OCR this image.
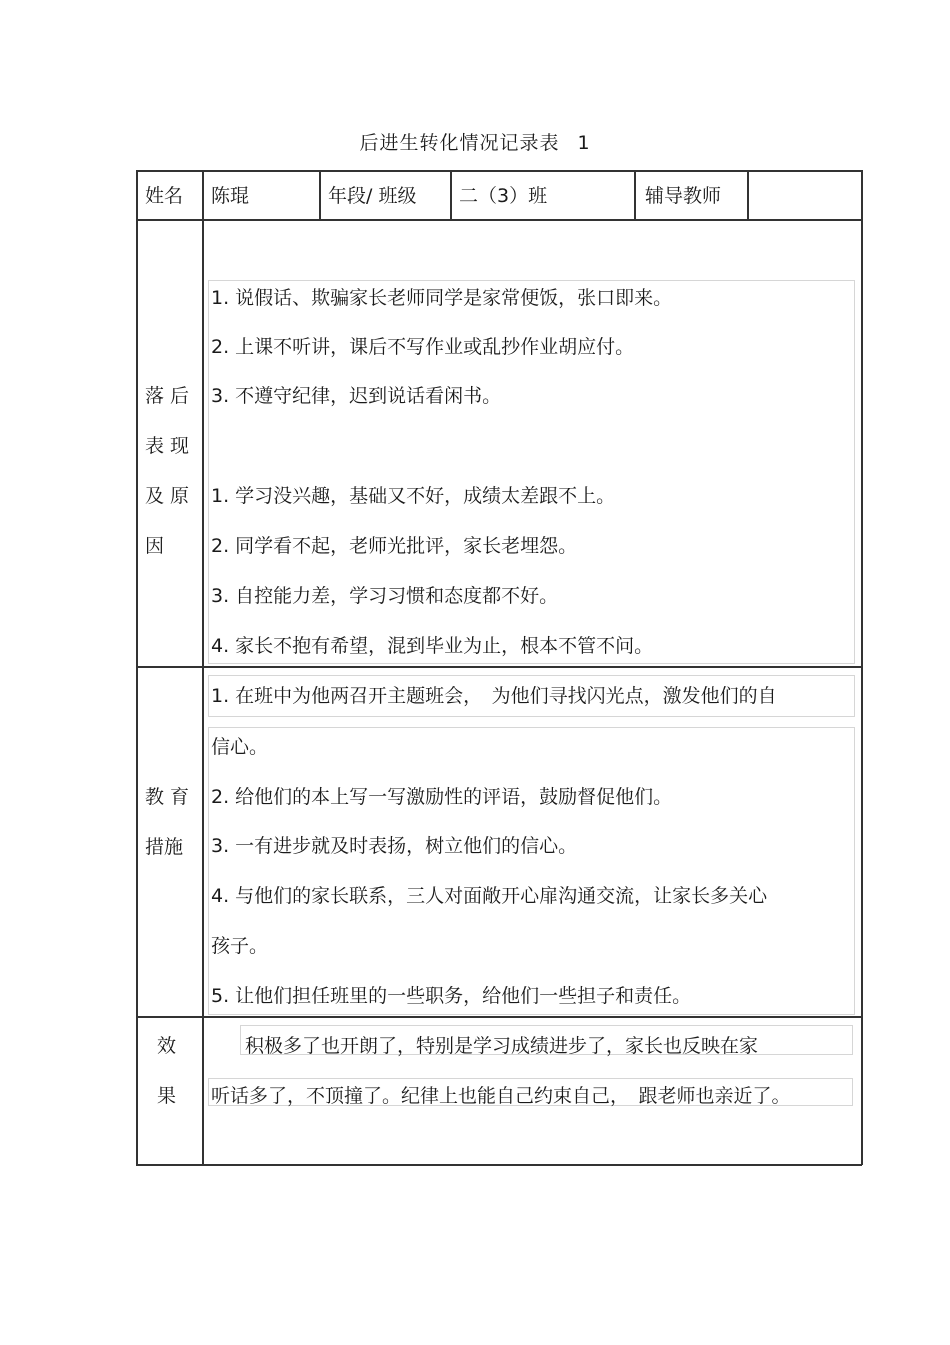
后进生转化情况记录表 1
姓名 陈琨	年段/ 班级 二（3）班	辅导教师
落 后
表 现
及 原
因
1. 说假话、欺骗家长老师同学是家常便饭，张口即来。
2. 上课不听讲，课后不写作业或乱抄作业胡应付。
3. 不遵守纪律，迟到说话看闲书。
1. 学习没兴趣，基础又不好，成绩太差跟不上。
2. 同学看不起，老师光批评，家长老埋怨。
3. 自控能力差，学习习惯和态度都不好。
4. 家长不抱有希望，混到毕业为止，根本不管不问。
教 育
措施
1. 在班中为他两召开主题班会，　为他们寻找闪光点，激发他们的自
信心。
2. 给他们的本上写一写激励性的评语，鼓励督促他们。
3. 一有进步就及时表扬，树立他们的信心。
4. 与他们的家长联系，三人对面敞开心扉沟通交流，让家长多关心
孩子。
5. 让他们担任班里的一些职务，给他们一些担子和责任。
效
果
积极多了也开朗了，特别是学习成绩进步了，家长也反映在家
听话多了，不顶撞了。纪律上也能自己约束自己，　跟老师也亲近了。
